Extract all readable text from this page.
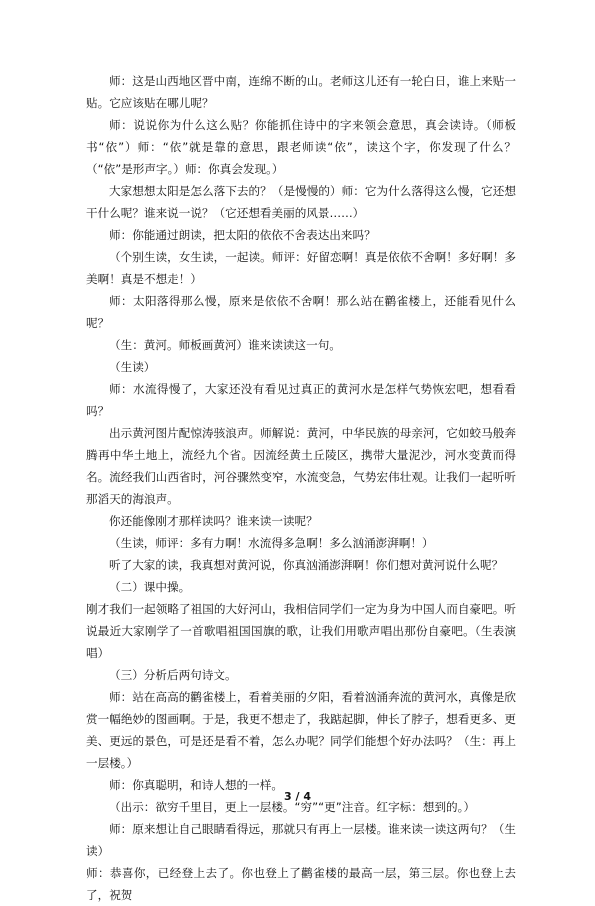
师：这是山西地区晋中南，连绵不断的山。老师这儿还有一轮白日，谁上来贴一贴。它应该贴在哪儿呢？

师：说说你为什么这么贴？你能抓住诗中的字来领会意思，真会读诗。（师板书“依”）师：“依”就是靠的意思，跟老师读“依”，读这个字，你发现了什么？（“依”是形声字。）师：你真会发现。）

大家想想太阳是怎么落下去的？（是慢慢的）师：它为什么落得这么慢，它还想干什么呢？谁来说一说？（它还想看美丽的风景……）

师：你能通过朗读，把太阳的依依不舍表达出来吗？

（个别生读，女生读，一起读。师评：好留恋啊！真是依依不舍啊！多好啊！多美啊！真是不想走！）

师：太阳落得那么慢，原来是依依不舍啊！那么站在鹳雀楼上，还能看见什么呢？

（生：黄河。师板画黄河）谁来读读这一句。

（生读）

师：水流得慢了，大家还没有看见过真正的黄河水是怎样气势恢宏吧，想看看吗？

出示黄河图片配惊涛骇浪声。师解说：黄河，中华民族的母亲河，它如蛟马般奔腾再中华土地上，流经九个省。因流经黄土丘陵区，携带大量泥沙，河水变黄而得名。流经我们山西省时，河谷骤然变窄，水流变急，气势宏伟壮观。让我们一起听听那滔天的海浪声。

你还能像刚才那样读吗？谁来读一读呢？

（生读，师评：多有力啊！水流得多急啊！多么汹涌澎湃啊！）

听了大家的读，我真想对黄河说，你真汹涌澎湃啊！你们想对黄河说什么呢？

（二）课中操。

刚才我们一起领略了祖国的大好河山，我相信同学们一定为身为中国人而自豪吧。听说最近大家刚学了一首歌唱祖国国旗的歌，让我们用歌声唱出那份自豪吧。（生表演唱）

（三）分析后两句诗文。

师：站在高高的鹳雀楼上，看着美丽的夕阳，看着汹涌奔流的黄河水，真像是欣赏一幅绝妙的图画啊。于是，我更不想走了，我踮起脚，伸长了脖子，想看更多、更美、更远的景色，可是还是看不着，怎么办呢？同学们能想个好办法吗？（生：再上一层楼。）

师：你真聪明，和诗人想的一样。

（出示：欲穷千里目，更上一层楼。“穷”“更”注音。红字标：想到的。）

师：原来想让自己眼睛看得远，那就只有再上一层楼。谁来读一读这两句？（生读）

师：恭喜你，已经登上去了。你也登上了鹳雀楼的最高一层，第三层。你也登上去了，祝贺

3 / 4
